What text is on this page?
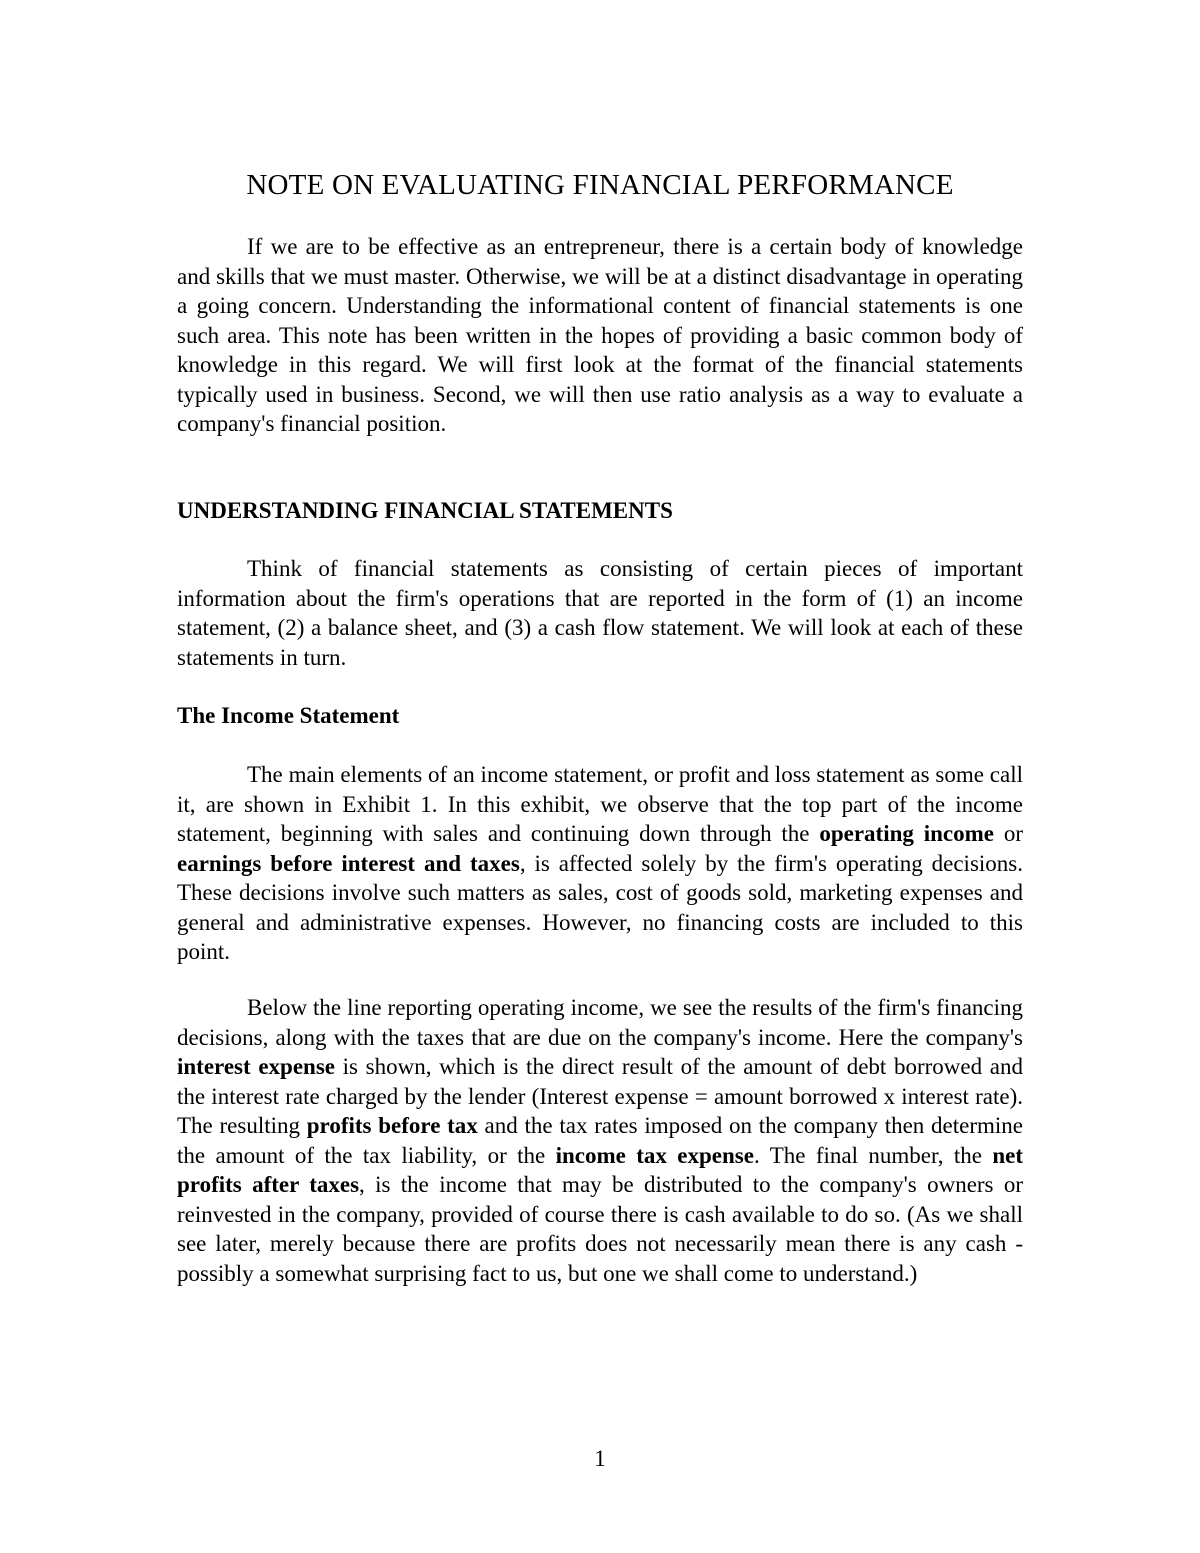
NOTE ON EVALUATING FINANCIAL PERFORMANCE

If we are to be effective as an entrepreneur, there is a certain body of knowledge and skills that we must master. Otherwise, we will be at a distinct disadvantage in operating a going concern. Understanding the informational content of financial statements is one such area. This note has been written in the hopes of providing a basic common body of knowledge in this regard. We will first look at the format of the financial statements typically used in business. Second, we will then use ratio analysis as a way to evaluate a company's financial position.

UNDERSTANDING FINANCIAL STATEMENTS

Think of financial statements as consisting of certain pieces of important information about the firm's operations that are reported in the form of (1) an income statement, (2) a balance sheet, and (3) a cash flow statement. We will look at each of these statements in turn.

The Income Statement

The main elements of an income statement, or profit and loss statement as some call it, are shown in Exhibit 1. In this exhibit, we observe that the top part of the income statement, beginning with sales and continuing down through the operating income or earnings before interest and taxes, is affected solely by the firm's operating decisions. These decisions involve such matters as sales, cost of goods sold, marketing expenses and general and administrative expenses. However, no financing costs are included to this point.

Below the line reporting operating income, we see the results of the firm's financing decisions, along with the taxes that are due on the company's income. Here the company's interest expense is shown, which is the direct result of the amount of debt borrowed and the interest rate charged by the lender (Interest expense = amount borrowed x interest rate). The resulting profits before tax and the tax rates imposed on the company then determine the amount of the tax liability, or the income tax expense. The final number, the net profits after taxes, is the income that may be distributed to the company's owners or reinvested in the company, provided of course there is cash available to do so. (As we shall see later, merely because there are profits does not necessarily mean there is any cash - possibly a somewhat surprising fact to us, but one we shall come to understand.)

1
